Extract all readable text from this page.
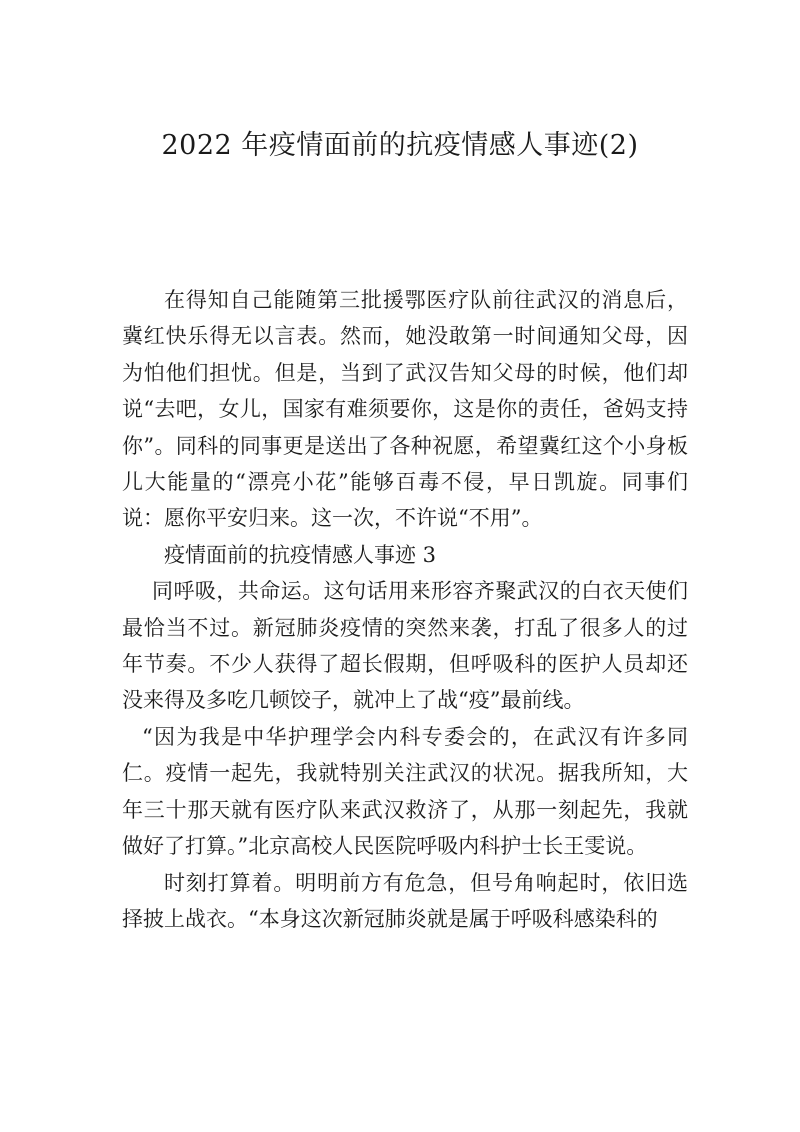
2022 年疫情面前的抗疫情感人事迹(2)

在得知自己能随第三批援鄂医疗队前往武汉的消息后，冀红快乐得无以言表。然而，她没敢第一时间通知父母，因为怕他们担忧。但是，当到了武汉告知父母的时候，他们却说“去吧，女儿，国家有难须要你，这是你的责任，爸妈支持你”。同科的同事更是送出了各种祝愿，希望冀红这个小身板儿大能量的“漂亮小花”能够百毒不侵，早日凯旋。同事们说：愿你平安归来。这一次，不许说“不用”。

疫情面前的抗疫情感人事迹 3

同呼吸，共命运。这句话用来形容齐聚武汉的白衣天使们最恰当不过。新冠肺炎疫情的突然来袭，打乱了很多人的过年节奏。不少人获得了超长假期，但呼吸科的医护人员却还没来得及多吃几顿饺子，就冲上了战“疫”最前线。

“因为我是中华护理学会内科专委会的，在武汉有许多同仁。疫情一起先，我就特别关注武汉的状况。据我所知，大年三十那天就有医疗队来武汉救济了，从那一刻起先，我就做好了打算。”北京高校人民医院呼吸内科护士长王雯说。

时刻打算着。明明前方有危急，但号角响起时，依旧选择披上战衣。“本身这次新冠肺炎就是属于呼吸科感染科的
